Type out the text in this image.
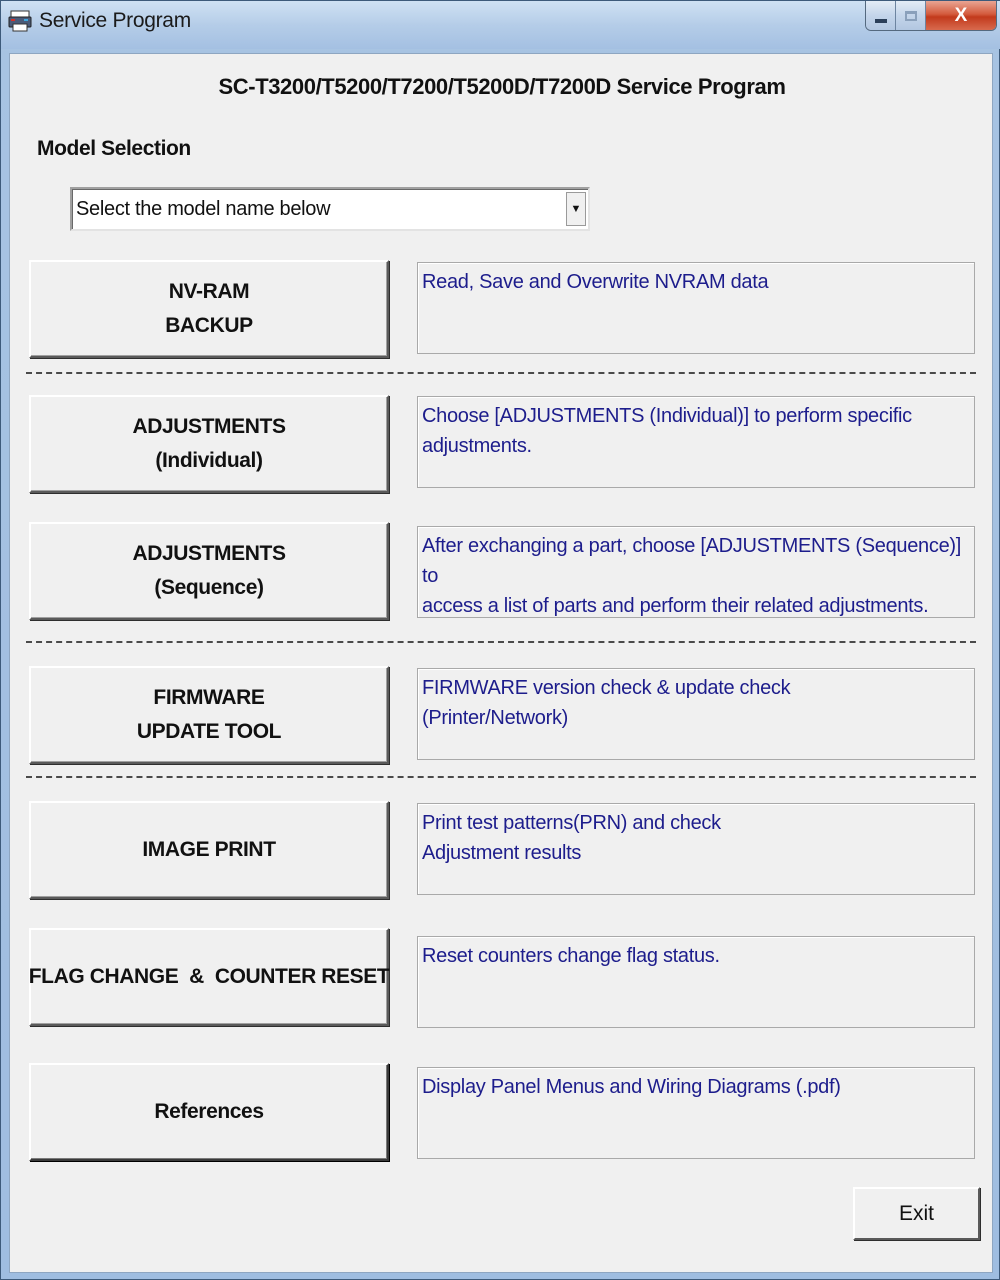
Service Program	X
SC-T3200/T5200/T7200/T5200D/T7200D Service Program
Model Selection
Select the model name below	▼
NV-RAM
BACKUP
Read, Save and Overwrite NVRAM data
ADJUSTMENTS
(Individual)
Choose [ADJUSTMENTS (Individual)] to perform specific
adjustments.
ADJUSTMENTS
(Sequence)
After exchanging a part, choose [ADJUSTMENTS (Sequence)] to
access a list of parts and perform their related adjustments.
FIRMWARE
UPDATE TOOL
FIRMWARE version check & update check
(Printer/Network)
IMAGE PRINT
Print test patterns(PRN) and check
Adjustment results
FLAG CHANGE  &  COUNTER RESET
Reset counters change flag status.
References
Display Panel Menus and Wiring Diagrams (.pdf)
Exit
